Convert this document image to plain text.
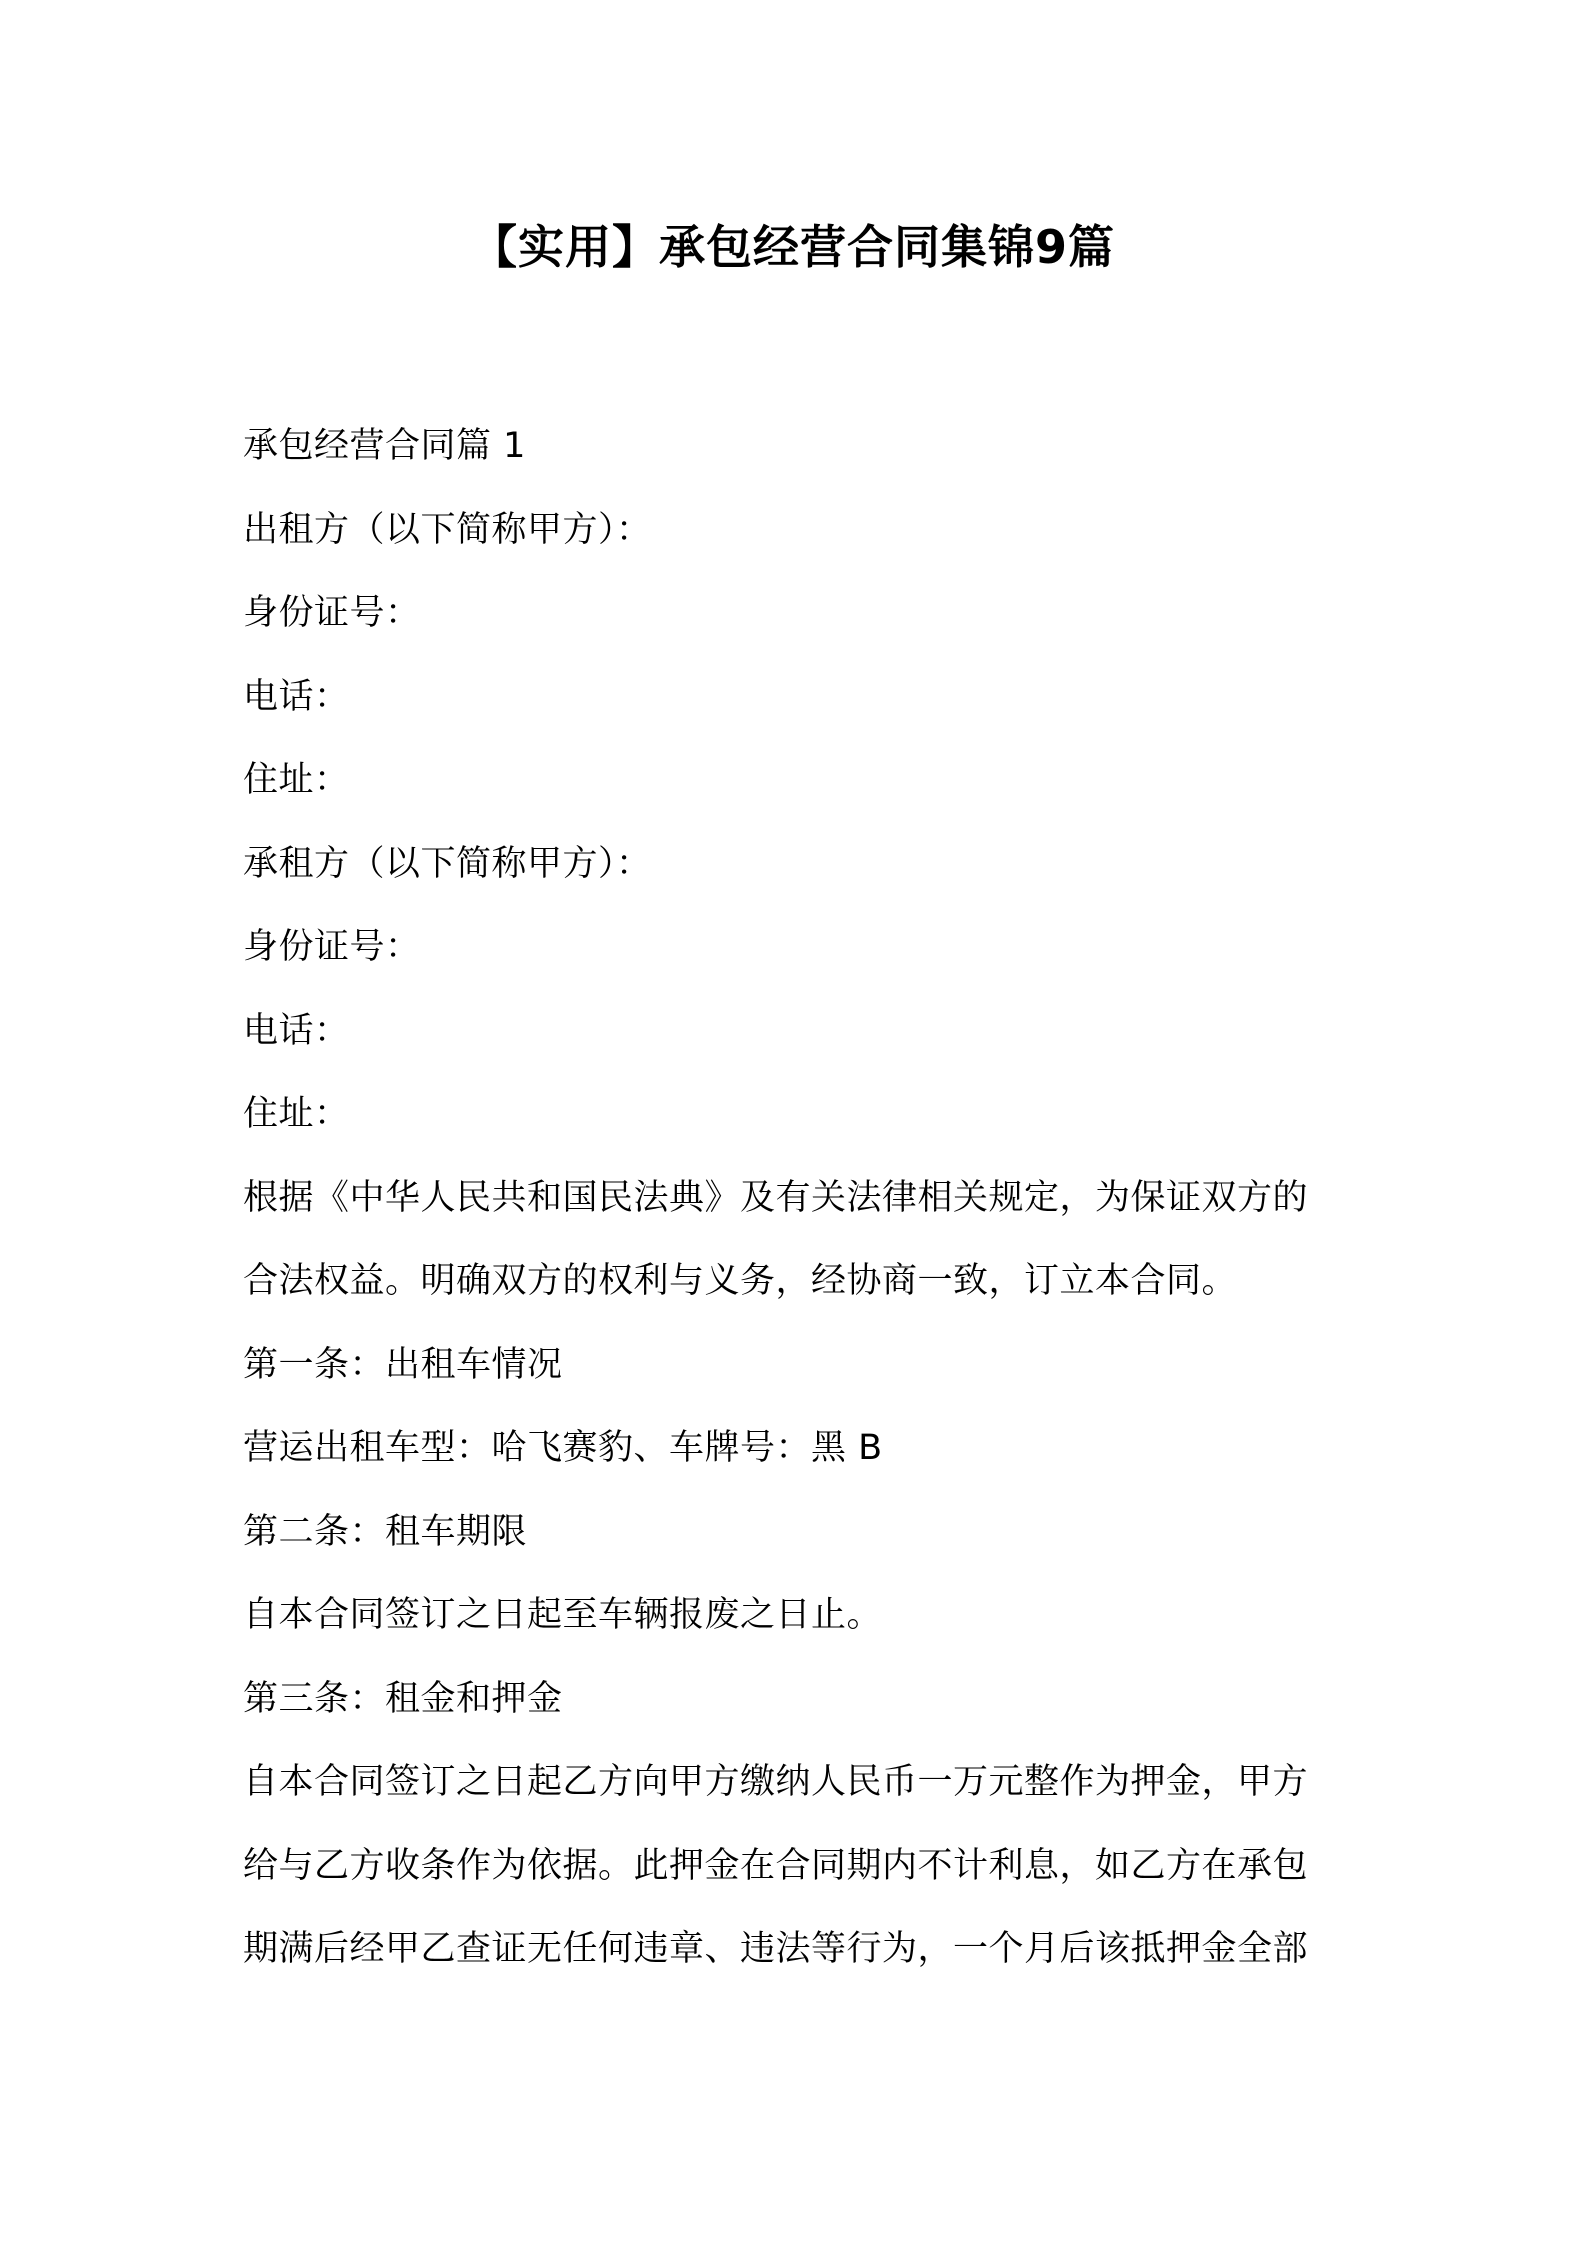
【实用】承包经营合同集锦9篇
承包经营合同篇 1
出租方（以下简称甲方）：
身份证号：
电话：
住址：
承租方（以下简称甲方）：
身份证号：
电话：
住址：
根据《中华人民共和国民法典》及有关法律相关规定，为保证双方的
合法权益。明确双方的权利与义务，经协商一致，订立本合同。
第一条：出租车情况
营运出租车型：哈飞赛豹、车牌号：黑 B
第二条：租车期限
自本合同签订之日起至车辆报废之日止。
第三条：租金和押金
自本合同签订之日起乙方向甲方缴纳人民币一万元整作为押金，甲方
给与乙方收条作为依据。此押金在合同期内不计利息，如乙方在承包
期满后经甲乙查证无任何违章、违法等行为，一个月后该抵押金全部
